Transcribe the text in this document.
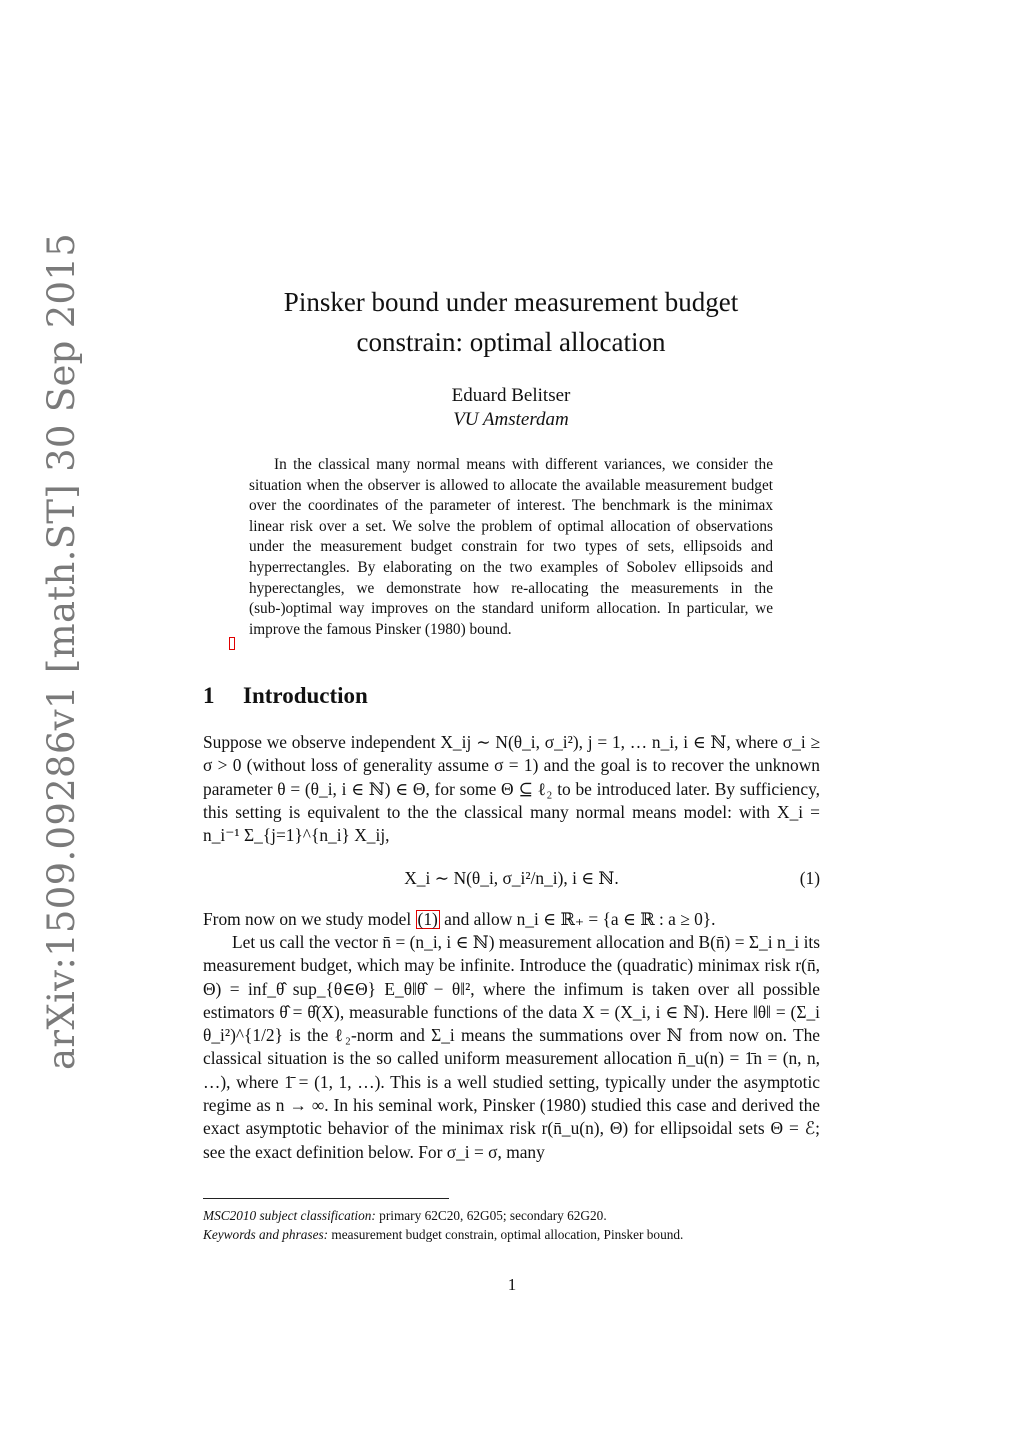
arXiv:1509.09286v1 [math.ST] 30 Sep 2015	Pinsker bound under measurement budget
constrain: optimal allocation
Eduard Belitser
VU Amsterdam
In the classical many normal means with different variances, we consider the situation when the observer is allowed to allocate the available measurement budget over the coordinates of the parameter of interest. The benchmark is the minimax linear risk over a set. We solve the problem of optimal allocation of observations under the measurement budget constrain for two types of sets, ellipsoids and hyperrectangles. By elaborating on the two examples of Sobolev ellipsoids and hyperectangles, we demonstrate how re-allocating the measurements in the (sub-)optimal way improves on the standard uniform allocation. In particular, we improve the famous Pinsker (1980) bound.
1 Introduction
Suppose we observe independent X_ij ∼ N(θ_i, σ_i²), j = 1, … n_i, i ∈ ℕ, where σ_i ≥ σ > 0 (without loss of generality assume σ = 1) and the goal is to recover the unknown parameter θ = (θ_i, i ∈ ℕ) ∈ Θ, for some Θ ⊆ ℓ₂ to be introduced later. By sufficiency, this setting is equivalent to the the classical many normal means model: with X_i = n_i⁻¹ Σ_{j=1}^{n_i} X_ij,
X_i ∼ N(θ_i, σ_i²/n_i), i ∈ ℕ.	(1)
From now on we study model (1) and allow n_i ∈ ℝ₊ = {a ∈ ℝ : a ≥ 0}.
Let us call the vector n̄ = (n_i, i ∈ ℕ) measurement allocation and B(n̄) = Σ_i n_i its measurement budget, which may be infinite. Introduce the (quadratic) minimax risk r(n̄, Θ) = inf_θ̂ sup_{θ∈Θ} E_θ‖θ̂ − θ‖², where the infimum is taken over all possible estimators θ̂ = θ̂(X), measurable functions of the data X = (X_i, i ∈ ℕ). Here ‖θ‖ = (Σ_i θ_i²)^{1/2} is the ℓ₂-norm and Σ_i means the summations over ℕ from now on. The classical situation is the so called uniform measurement allocation n̄_u(n) = 1̄n = (n, n, …), where 1̄ = (1, 1, …). This is a well studied setting, typically under the asymptotic regime as n → ∞. In his seminal work, Pinsker (1980) studied this case and derived the exact asymptotic behavior of the minimax risk r(n̄_u(n), Θ) for ellipsoidal sets Θ = ℰ; see the exact definition below. For σ_i = σ, many
MSC2010 subject classification: primary 62C20, 62G05; secondary 62G20.
Keywords and phrases: measurement budget constrain, optimal allocation, Pinsker bound.
1
